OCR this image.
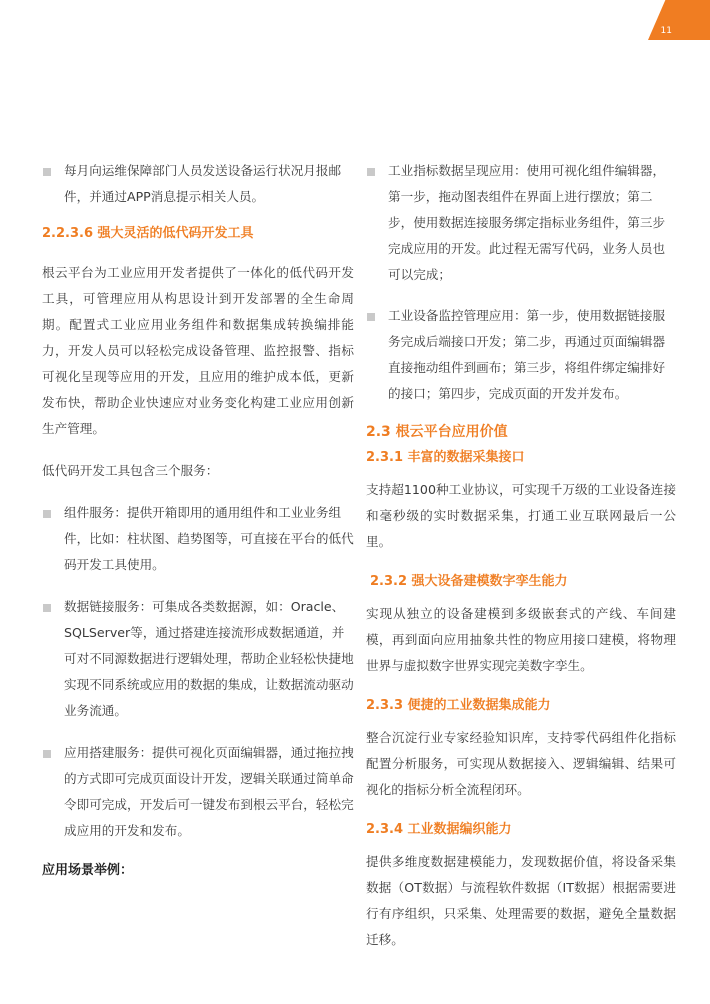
11
每月向运维保障部门人员发送设备运行状况月报邮件，并通过APP消息提示相关人员。
2.2.3.6 强大灵活的低代码开发工具
根云平台为工业应用开发者提供了一体化的低代码开发工具，可管理应用从构思设计到开发部署的全生命周期。配置式工业应用业务组件和数据集成转换编排能力，开发人员可以轻松完成设备管理、监控报警、指标可视化呈现等应用的开发，且应用的维护成本低，更新发布快，帮助企业快速应对业务变化构建工业应用创新生产管理。
低代码开发工具包含三个服务：
组件服务：提供开箱即用的通用组件和工业业务组件，比如：柱状图、趋势图等，可直接在平台的低代码开发工具使用。
数据链接服务：可集成各类数据源，如：Oracle、SQLServer等，通过搭建连接流形成数据通道，并可对不同源数据进行逻辑处理，帮助企业轻松快捷地实现不同系统或应用的数据的集成，让数据流动驱动业务流通。
应用搭建服务：提供可视化页面编辑器，通过拖拉拽的方式即可完成页面设计开发，逻辑关联通过简单命令即可完成，开发后可一键发布到根云平台，轻松完成应用的开发和发布。
应用场景举例：
工业指标数据呈现应用：使用可视化组件编辑器，第一步，拖动图表组件在界面上进行摆放；第二步，使用数据连接服务绑定指标业务组件，第三步完成应用的开发。此过程无需写代码，业务人员也可以完成；
工业设备监控管理应用：第一步，使用数据链接服务完成后端接口开发；第二步，再通过页面编辑器直接拖动组件到画布；第三步，将组件绑定编排好的接口；第四步，完成页面的开发并发布。
2.3 根云平台应用价值
2.3.1 丰富的数据采集接口
支持超1100种工业协议，可实现千万级的工业设备连接和毫秒级的实时数据采集，打通工业互联网最后一公里。
2.3.2 强大设备建模数字孪生能力
实现从独立的设备建模到多级嵌套式的产线、车间建模，再到面向应用抽象共性的物应用接口建模，将物理世界与虚拟数字世界实现完美数字孪生。
2.3.3 便捷的工业数据集成能力
整合沉淀行业专家经验知识库，支持零代码组件化指标配置分析服务，可实现从数据接入、逻辑编辑、结果可视化的指标分析全流程闭环。
2.3.4 工业数据编织能力
提供多维度数据建模能力，发现数据价值，将设备采集数据（OT数据）与流程软件数据（IT数据）根据需要进行有序组织，只采集、处理需要的数据，避免全量数据迁移。
